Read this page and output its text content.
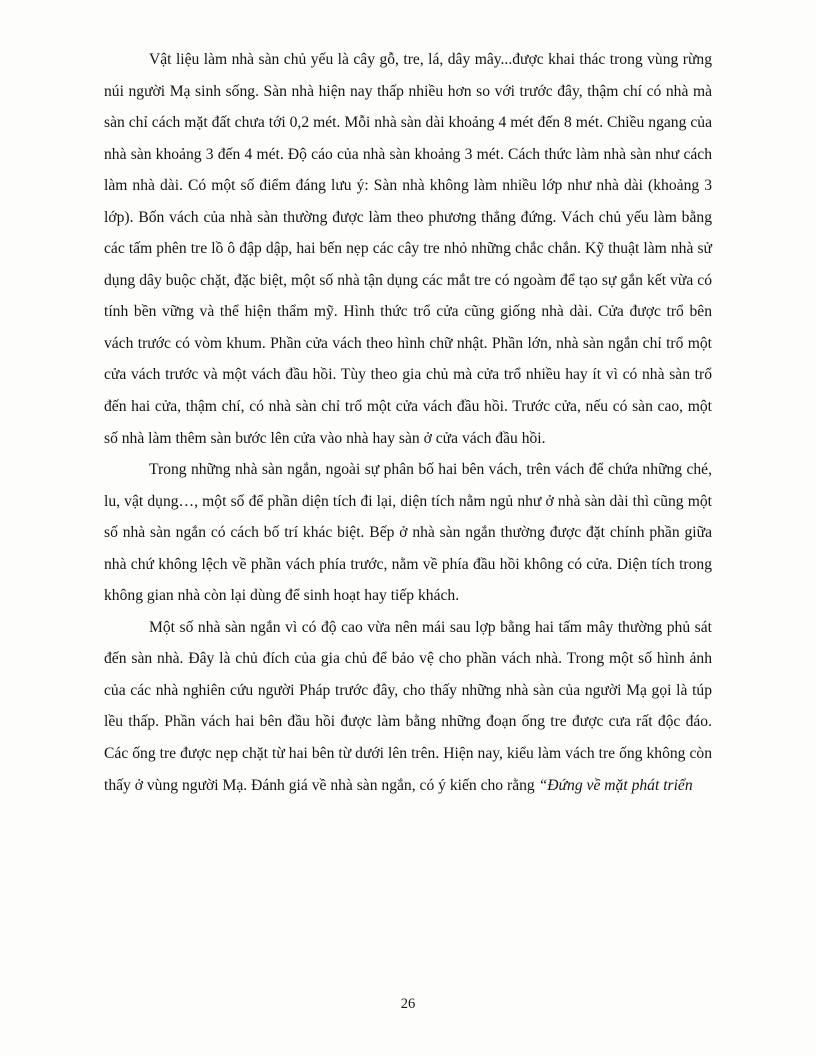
Vật liệu làm nhà sàn chủ yếu là cây gỗ, tre, lá, dây mây...được khai thác trong vùng rừng núi người Mạ sinh sống. Sàn nhà hiện nay thấp nhiều hơn so với trước đây, thậm chí có nhà mà sàn chỉ cách mặt đất chưa tới 0,2 mét. Mỗi nhà sàn dài khoảng 4 mét đến 8 mét. Chiều ngang của nhà sàn khoảng 3 đến 4 mét. Độ cáo của nhà sàn khoảng 3 mét. Cách thức làm nhà sàn như cách làm nhà dài. Có một số điểm đáng lưu ý: Sàn nhà không làm nhiều lớp như nhà dài (khoảng 3 lớp). Bốn vách của nhà sàn thường được làm theo phương thẳng đứng. Vách chủ yếu làm bằng các tấm phên tre lồ ô đập dập, hai bến nẹp các cây tre nhỏ những chắc chắn. Kỹ thuật làm nhà sử dụng dây buộc chặt, đặc biệt, một số nhà tận dụng các mắt tre có ngoàm để tạo sự gắn kết vừa có tính bền vững và thể hiện thẩm mỹ. Hình thức trổ cửa cũng giống nhà dài. Cửa được trổ bên vách trước có vòm khum. Phần cửa vách theo hình chữ nhật. Phần lớn, nhà sàn ngắn chỉ trổ một cửa vách trước và một vách đầu hồi. Tùy theo gia chủ mà cửa trổ nhiều hay ít vì có nhà sàn trổ đến hai cửa, thậm chí, có nhà sàn chỉ trổ một cửa vách đầu hồi. Trước cửa, nếu có sàn cao, một số nhà làm thêm sàn bước lên cửa vào nhà hay sàn ở cửa vách đầu hồi.

Trong những nhà sàn ngắn, ngoài sự phân bố hai bên vách, trên vách để chứa những ché, lu, vật dụng…, một số để phần diện tích đi lại, diện tích nằm ngủ như ở nhà sàn dài thì cũng một số nhà sàn ngắn có cách bố trí khác biệt. Bếp ở nhà sàn ngắn thường được đặt chính phần giữa nhà chứ không lệch về phần vách phía trước, nằm về phía đầu hồi không có cửa. Diện tích trong không gian nhà còn lại dùng để sinh hoạt hay tiếp khách.

Một số nhà sàn ngắn vì có độ cao vừa nên mái sau lợp bằng hai tấm mây thường phủ sát đến sàn nhà. Đây là chủ đích của gia chủ để bảo vệ cho phần vách nhà. Trong một số hình ảnh của các nhà nghiên cứu người Pháp trước đây, cho thấy những nhà sàn của người Mạ gọi là túp lều thấp. Phần vách hai bên đầu hồi được làm bằng những đoạn ống tre được cưa rất độc đáo. Các ống tre được nẹp chặt từ hai bên từ dưới lên trên. Hiện nay, kiểu làm vách tre ống không còn thấy ở vùng người Mạ. Đánh giá về nhà sàn ngắn, có ý kiến cho rằng “Đứng về mặt phát triển

26
